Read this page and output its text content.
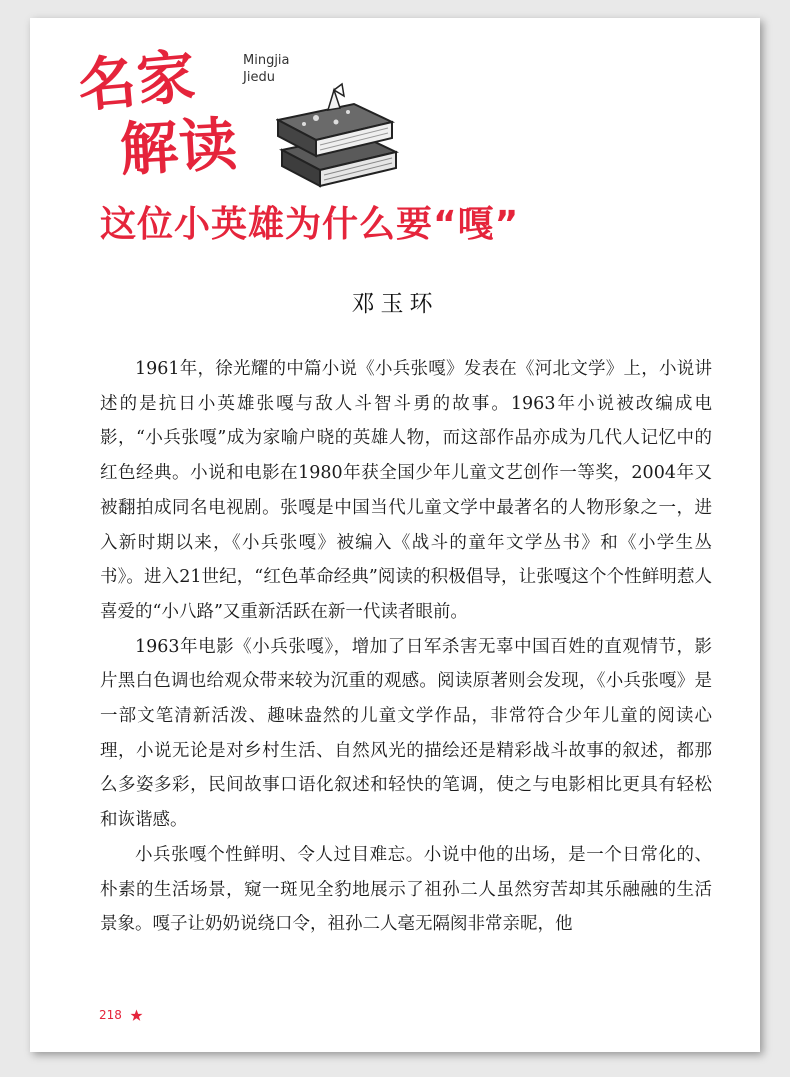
名家
解读
Mingjia
Jiedu
这位小英雄为什么要“嘎”
邓玉环

1961年，徐光耀的中篇小说《小兵张嘎》发表在《河北文学》上，小说讲述的是抗日小英雄张嘎与敌人斗智斗勇的故事。1963年小说被改编成电影，“小兵张嘎”成为家喻户晓的英雄人物，而这部作品亦成为几代人记忆中的红色经典。小说和电影在1980年获全国少年儿童文艺创作一等奖，2004年又被翻拍成同名电视剧。张嘎是中国当代儿童文学中最著名的人物形象之一，进入新时期以来，《小兵张嘎》被编入《战斗的童年文学丛书》和《小学生丛书》。进入21世纪，“红色革命经典”阅读的积极倡导，让张嘎这个个性鲜明惹人喜爱的“小八路”又重新活跃在新一代读者眼前。

1963年电影《小兵张嘎》，增加了日军杀害无辜中国百姓的直观情节，影片黑白色调也给观众带来较为沉重的观感。阅读原著则会发现，《小兵张嘎》是一部文笔清新活泼、趣味盎然的儿童文学作品，非常符合少年儿童的阅读心理，小说无论是对乡村生活、自然风光的描绘还是精彩战斗故事的叙述，都那么多姿多彩，民间故事口语化叙述和轻快的笔调，使之与电影相比更具有轻松和诙谐感。

小兵张嘎个性鲜明、令人过目难忘。小说中他的出场，是一个日常化的、朴素的生活场景，窥一斑见全豹地展示了祖孙二人虽然穷苦却其乐融融的生活景象。嘎子让奶奶说绕口令，祖孙二人毫无隔阂非常亲昵，他

218
